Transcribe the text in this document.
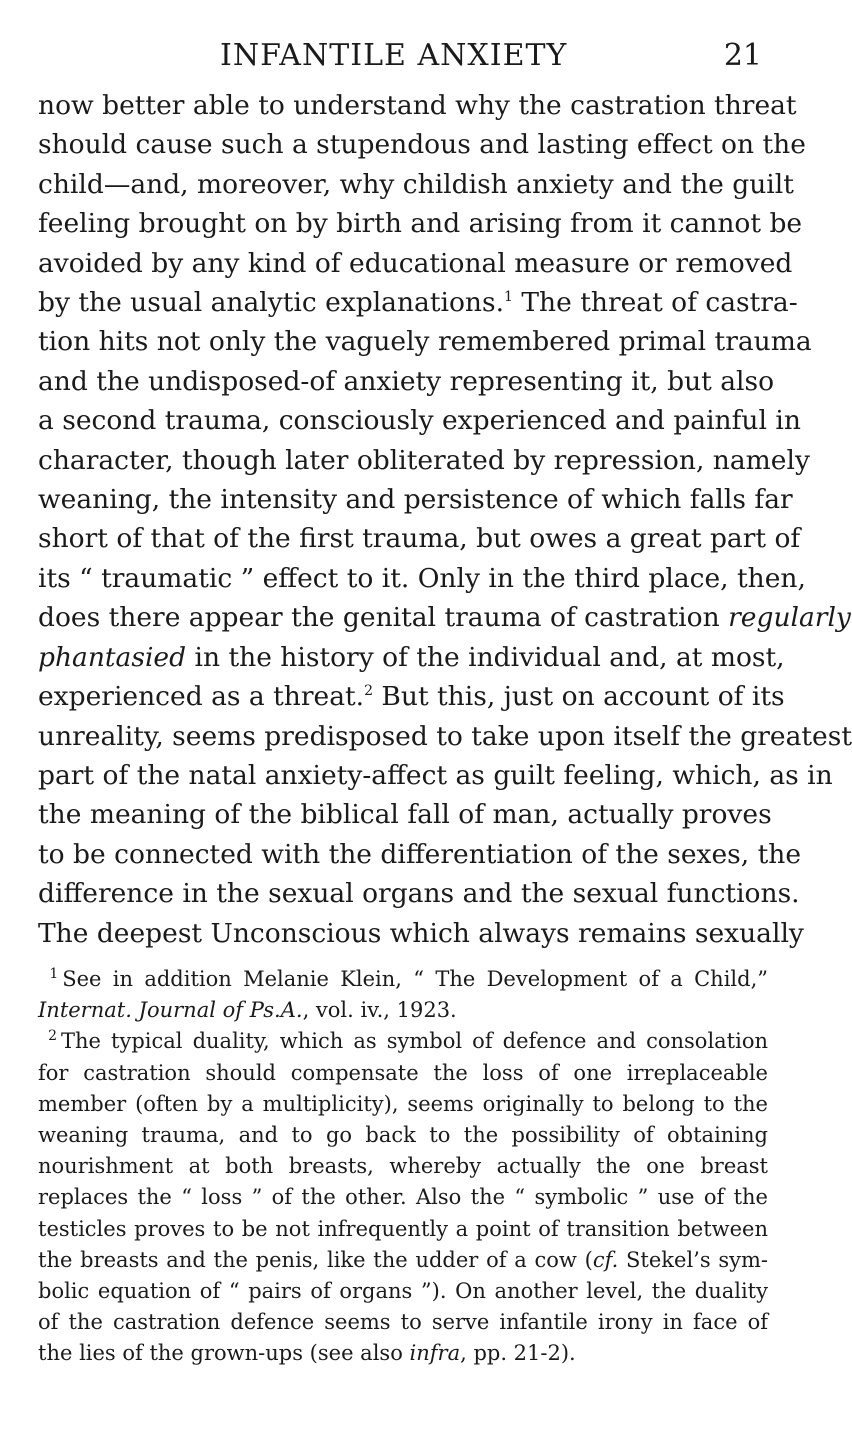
INFANTILE ANXIETY	21
now better able to understand why the castration threat
should cause such a stupendous and lasting effect on the
child—and, moreover, why childish anxiety and the guilt
feeling brought on by birth and arising from it cannot be
avoided by any kind of educational measure or removed
by the usual analytic explanations.$^1$ The threat of castra-
tion hits not only the vaguely remembered primal trauma
and the undisposed-of anxiety representing it, but also
a second trauma, consciously experienced and painful in
character, though later obliterated by repression, namely
weaning, the intensity and persistence of which falls far
short of that of the first trauma, but owes a great part of
its “ traumatic ” effect to it. Only in the third place, then,
does there appear the genital trauma of castration regularly
phantasied in the history of the individual and, at most,
experienced as a threat.$^2$ But this, just on account of its
unreality, seems predisposed to take upon itself the greatest
part of the natal anxiety-affect as guilt feeling, which, as in
the meaning of the biblical fall of man, actually proves
to be connected with the differentiation of the sexes, the
difference in the sexual organs and the sexual functions.
The deepest Unconscious which always remains sexually
$^1$ See in addition Melanie Klein, “ The Development of a Child,”
Internat. Journal of Ps.A., vol. iv., 1923.
$^2$ The typical duality, which as symbol of defence and consolation
for castration should compensate the loss of one irreplaceable
member (often by a multiplicity), seems originally to belong to the
weaning trauma, and to go back to the possibility of obtaining
nourishment at both breasts, whereby actually the one breast
replaces the “ loss ” of the other. Also the “ symbolic ” use of the
testicles proves to be not infrequently a point of transition between
the breasts and the penis, like the udder of a cow (cf. Stekel’s sym-
bolic equation of “ pairs of organs ”). On another level, the duality
of the castration defence seems to serve infantile irony in face of
the lies of the grown-ups (see also infra, pp. 21-2).
